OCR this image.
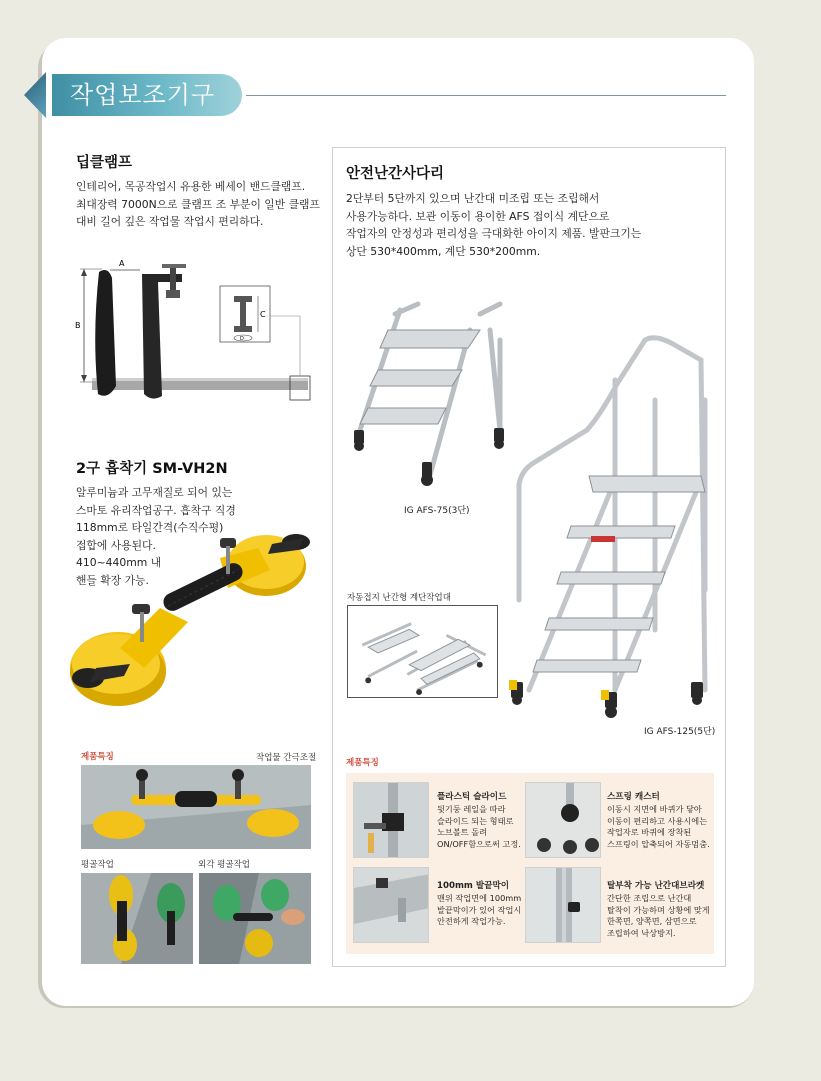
작업보조기구
딥클램프
인테리어, 목공작업시 유용한 베세이 밴드클램프.
최대장력 7000N으로 클램프 조 부분이 일반 클램프
대비 길어 깊은 작업물 작업시 편리하다.
B
A
C
D
2구 흡착기 SM-VH2N
알루미늄과 고무재질로 되어 있는
스마토 유리작업공구. 흡착구 직경
118mm로 타일간격(수직수평)
접합에 사용된다.
410~440mm 내
핸들 확장 가능.
제품특징	작업물 간극조절
평골작업	외각 평골작업
안전난간사다리
2단부터 5단까지 있으며 난간대 미조립 또는 조립해서
사용가능하다. 보관 이동이 용이한 AFS 접이식 계단으로
작업자의 안정성과 편리성을 극대화한 아이지 제품. 발판크기는
상단 530*400mm, 계단 530*200mm.
IG AFS-75(3단)
IG AFS-125(5단)
자동접지 난간형 계단작업대
제품특징
플라스틱 슬라이드
뒷기둥 레일을 따라
슬라이드 되는 형태로
노브볼트 돌려
ON/OFF함으로써 고정.
스프링 캐스터
이동시 지면에 바퀴가 닿아
이동이 편리하고 사용시에는
작업자로 바퀴에 장착된
스프링이 압축되어 자동멈춤.
100mm 발끝막이
맨위 작업면에 100mm
발끝막이가 있어 작업시
안전하게 작업가능.
탈부착 가능 난간대브라켓
간단한 조립으로 난간대
탈착이 가능하며 상황에 맞게
한쪽면, 양쪽면, 삼면으로
조립하여 낙상방지.
